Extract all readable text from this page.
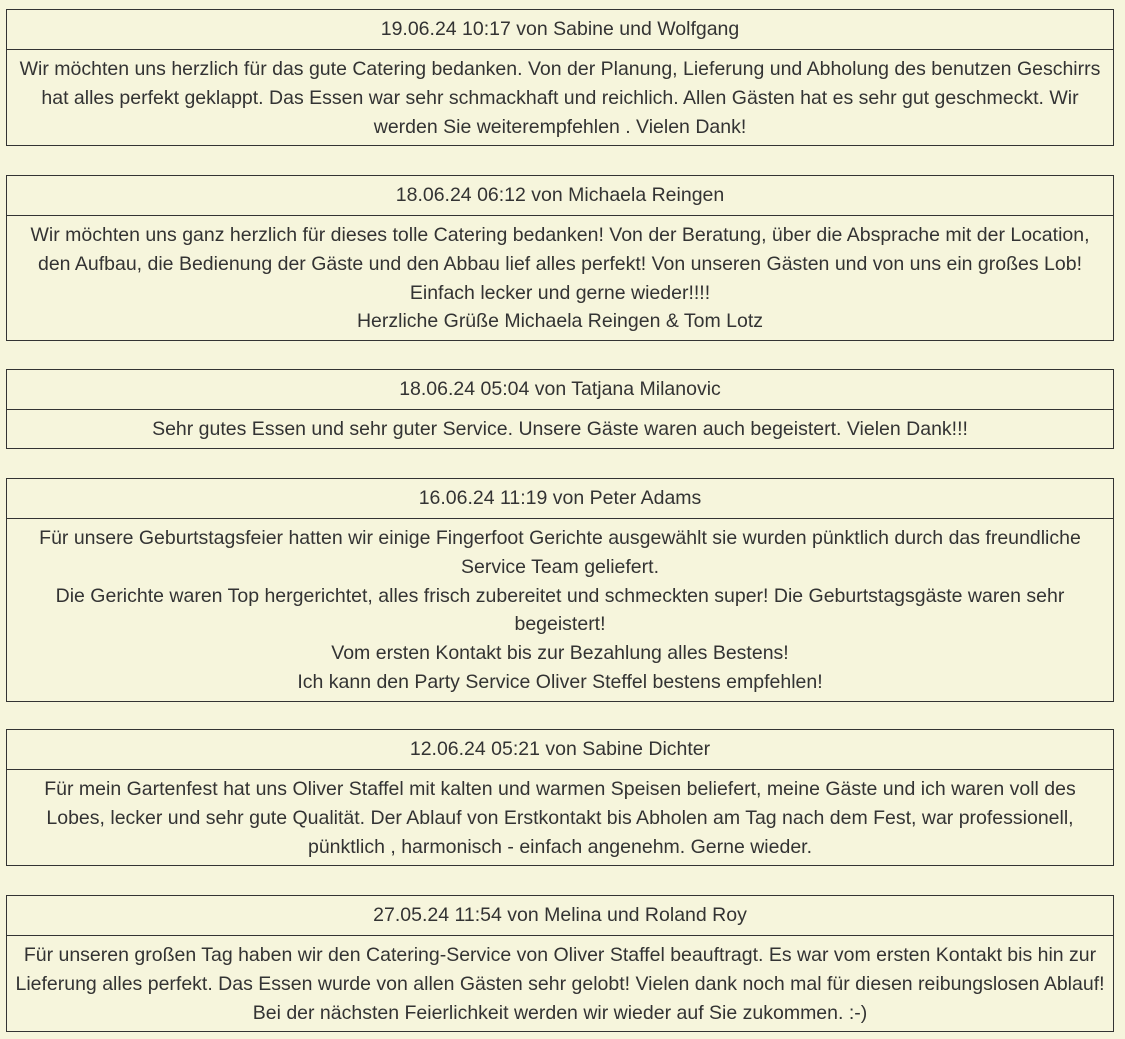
19.06.24 10:17 von Sabine und Wolfgang

Wir möchten uns herzlich für das gute Catering bedanken. Von der Planung, Lieferung und Abholung des benutzen Geschirrs hat alles perfekt geklappt. Das Essen war sehr schmackhaft und reichlich. Allen Gästen hat es sehr gut geschmeckt. Wir werden Sie weiterempfehlen . Vielen Dank!

18.06.24 06:12 von Michaela Reingen

Wir möchten uns ganz herzlich für dieses tolle Catering bedanken! Von der Beratung, über die Absprache mit der Location, den Aufbau, die Bedienung der Gäste und den Abbau lief alles perfekt! Von unseren Gästen und von uns ein großes Lob!

Einfach lecker und gerne wieder!!!!

Herzliche Grüße Michaela Reingen & Tom Lotz

18.06.24 05:04 von Tatjana Milanovic

Sehr gutes Essen und sehr guter Service. Unsere Gäste waren auch begeistert. Vielen Dank!!!

16.06.24 11:19 von Peter Adams

Für unsere Geburtstagsfeier hatten wir einige Fingerfoot Gerichte ausgewählt sie wurden pünktlich durch das freundliche Service Team geliefert.

Die Gerichte waren Top hergerichtet, alles frisch zubereitet und schmeckten super! Die Geburtstagsgäste waren sehr begeistert!

Vom ersten Kontakt bis zur Bezahlung alles Bestens!

Ich kann den Party Service Oliver Steffel bestens empfehlen!

12.06.24 05:21 von Sabine Dichter

Für mein Gartenfest hat uns Oliver Staffel mit kalten und warmen Speisen beliefert, meine Gäste und ich waren voll des Lobes, lecker und sehr gute Qualität. Der Ablauf von Erstkontakt bis Abholen am Tag nach dem Fest, war professionell, pünktlich , harmonisch - einfach angenehm. Gerne wieder.

27.05.24 11:54 von Melina und Roland Roy

Für unseren großen Tag haben wir den Catering-Service von Oliver Staffel beauftragt. Es war vom ersten Kontakt bis hin zur Lieferung alles perfekt. Das Essen wurde von allen Gästen sehr gelobt! Vielen dank noch mal für diesen reibungslosen Ablauf! Bei der nächsten Feierlichkeit werden wir wieder auf Sie zukommen. :-)
